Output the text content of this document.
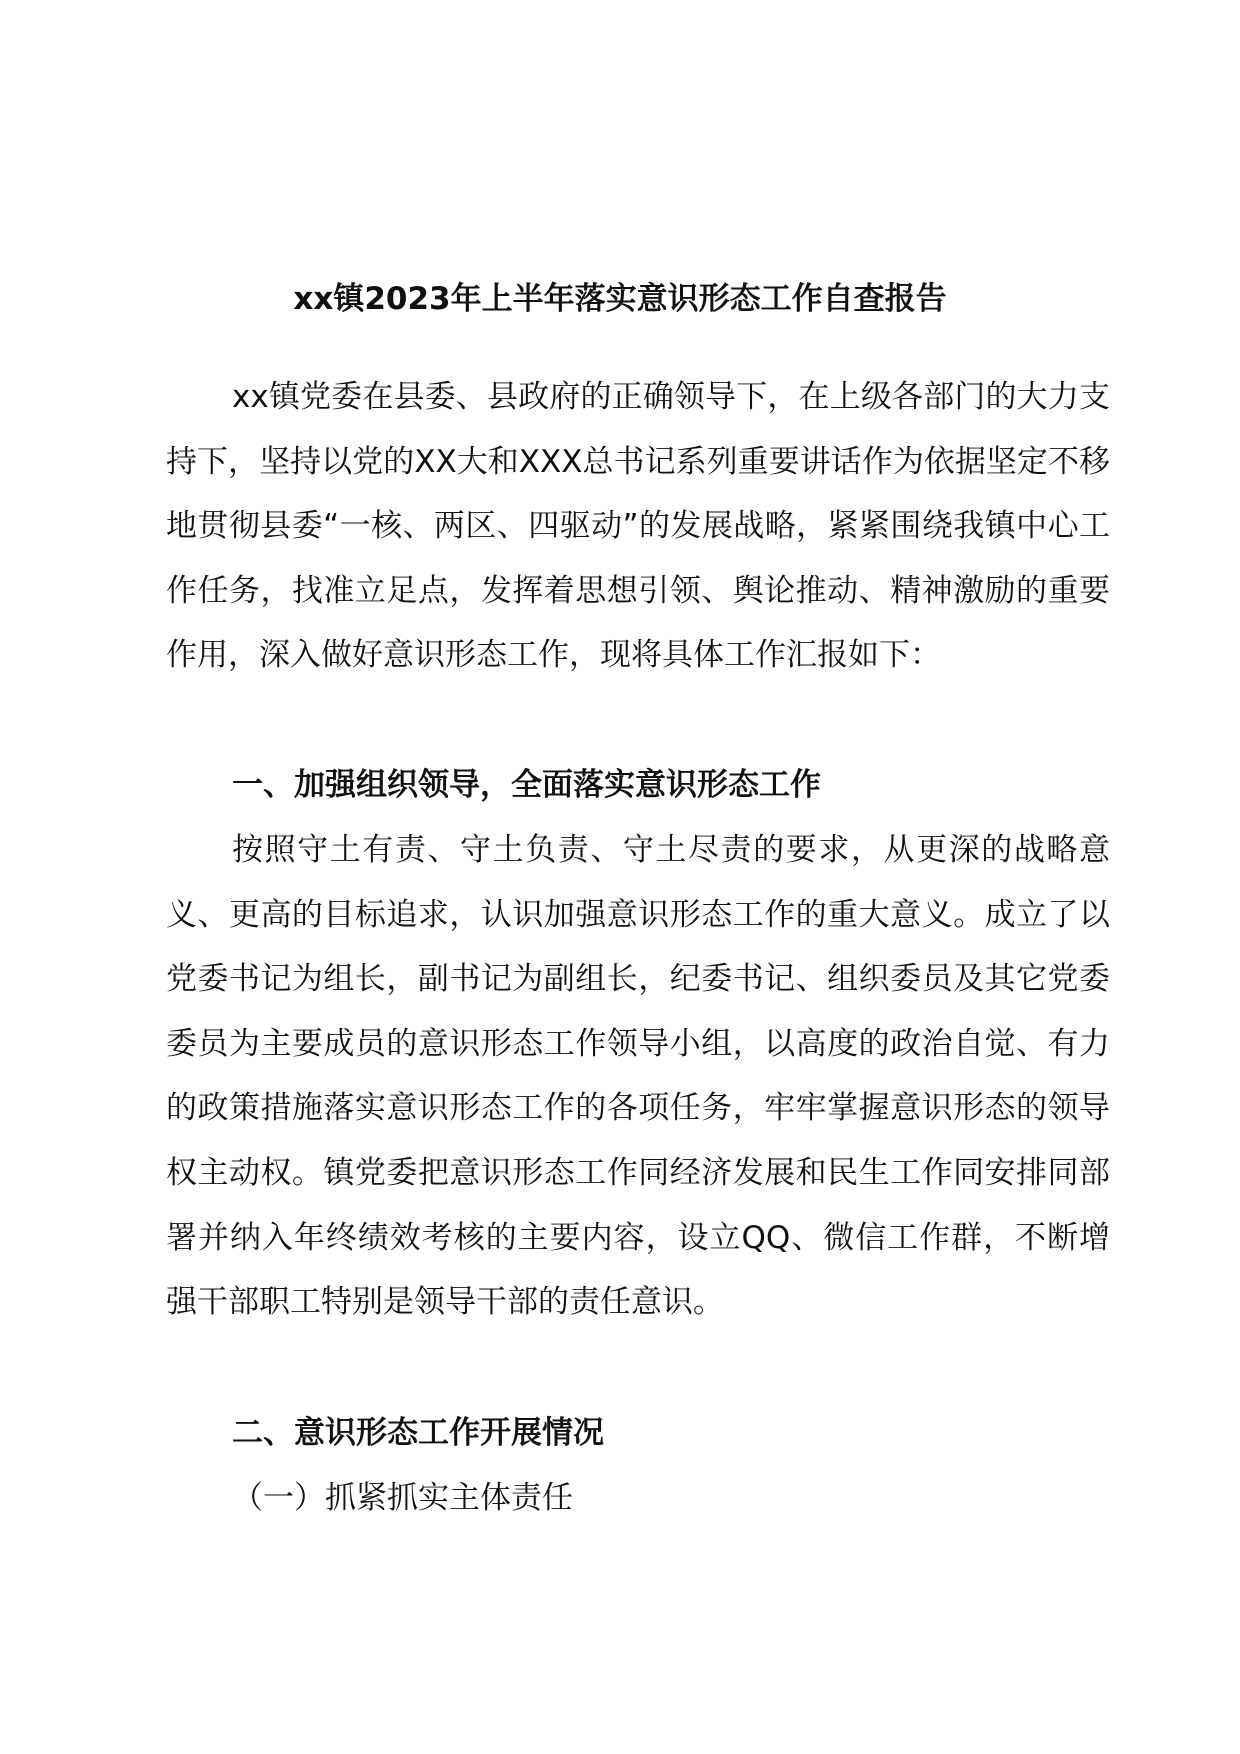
xx镇2023年上半年落实意识形态工作自查报告

xx镇党委在县委、县政府的正确领导下，在上级各部门的大力支持下，坚持以党的XX大和XXX总书记系列重要讲话作为依据坚定不移地贯彻县委“一核、两区、四驱动”的发展战略，紧紧围绕我镇中心工作任务，找准立足点，发挥着思想引领、舆论推动、精神激励的重要作用，深入做好意识形态工作，现将具体工作汇报如下：

一、加强组织领导，全面落实意识形态工作

按照守土有责、守土负责、守土尽责的要求，从更深的战略意义、更高的目标追求，认识加强意识形态工作的重大意义。成立了以党委书记为组长，副书记为副组长，纪委书记、组织委员及其它党委委员为主要成员的意识形态工作领导小组，以高度的政治自觉、有力的政策措施落实意识形态工作的各项任务，牢牢掌握意识形态的领导权主动权。镇党委把意识形态工作同经济发展和民生工作同安排同部署并纳入年终绩效考核的主要内容，设立QQ、微信工作群，不断增强干部职工特别是领导干部的责任意识。

二、意识形态工作开展情况

（一）抓紧抓实主体责任
